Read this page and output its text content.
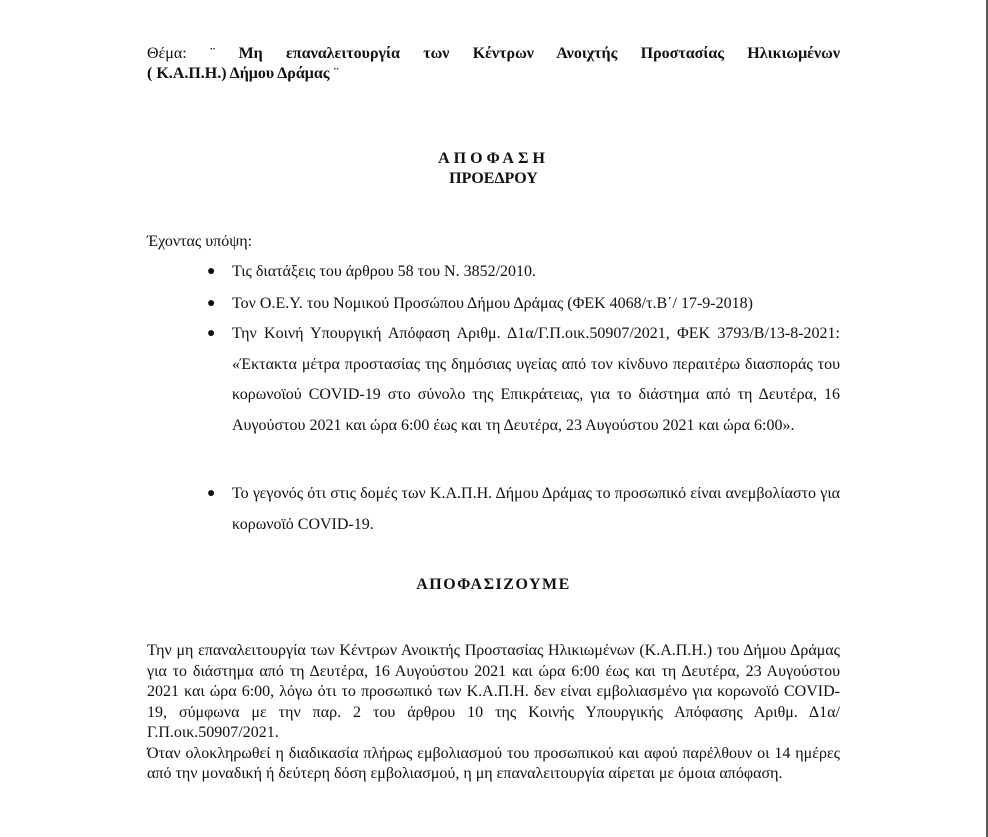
Θέμα: ¨ Μη επαναλειτουργία των Κέντρων Ανοιχτής Προστασίας Ηλικιωμένων
( Κ.Α.Π.Η.) Δήμου Δράμας ¨
ΑΠΟΦΑΣΗ
ΠΡΟΕΔΡΟΥ
Έχοντας υπόψη:
● Τις διατάξεις του άρθρου 58 του Ν. 3852/2010.
● Τον Ο.Ε.Υ. του Νομικού Προσώπου Δήμου Δράμας (ΦΕΚ 4068/τ.Β΄/ 17-9-2018)
● Την Κοινή Υπουργική Απόφαση Αριθμ. Δ1α/Γ.Π.οικ.50907/2021, ΦΕΚ 3793/Β/13-8-2021: «Έκτακτα μέτρα προστασίας της δημόσιας υγείας από τον κίνδυνο περαιτέρω διασποράς του κορωνοϊού COVID-19 στο σύνολο της Επικράτειας, για το διάστημα από τη Δευτέρα, 16 Αυγούστου 2021 και ώρα 6:00 έως και τη Δευτέρα, 23 Αυγούστου 2021 και ώρα 6:00».
● Το γεγονός ότι στις δομές των Κ.Α.Π.Η. Δήμου Δράμας το προσωπικό είναι ανεμβολίαστο για κορωνοϊό COVID-19.
ΑΠΟΦΑΣΙΖΟΥΜΕ

Την μη επαναλειτουργία των Κέντρων Ανοικτής Προστασίας Ηλικιωμένων (Κ.Α.Π.Η.) του Δήμου Δράμας για το διάστημα από τη Δευτέρα, 16 Αυγούστου 2021 και ώρα 6:00 έως και τη Δευτέρα, 23 Αυγούστου 2021 και ώρα 6:00, λόγω ότι το προσωπικό των Κ.Α.Π.Η. δεν είναι εμβολιασμένο για κορωνοϊό COVID-19, σύμφωνα με την παρ. 2 του άρθρου 10 της Κοινής Υπουργικής Απόφασης Αριθμ. Δ1α/Γ.Π.οικ.50907/2021.

Όταν ολοκληρωθεί η διαδικασία πλήρως εμβολιασμού του προσωπικού και αφού παρέλθουν οι 14 ημέρες από την μοναδική ή δεύτερη δόση εμβολιασμού, η μη επαναλειτουργία αίρεται με όμοια απόφαση.
